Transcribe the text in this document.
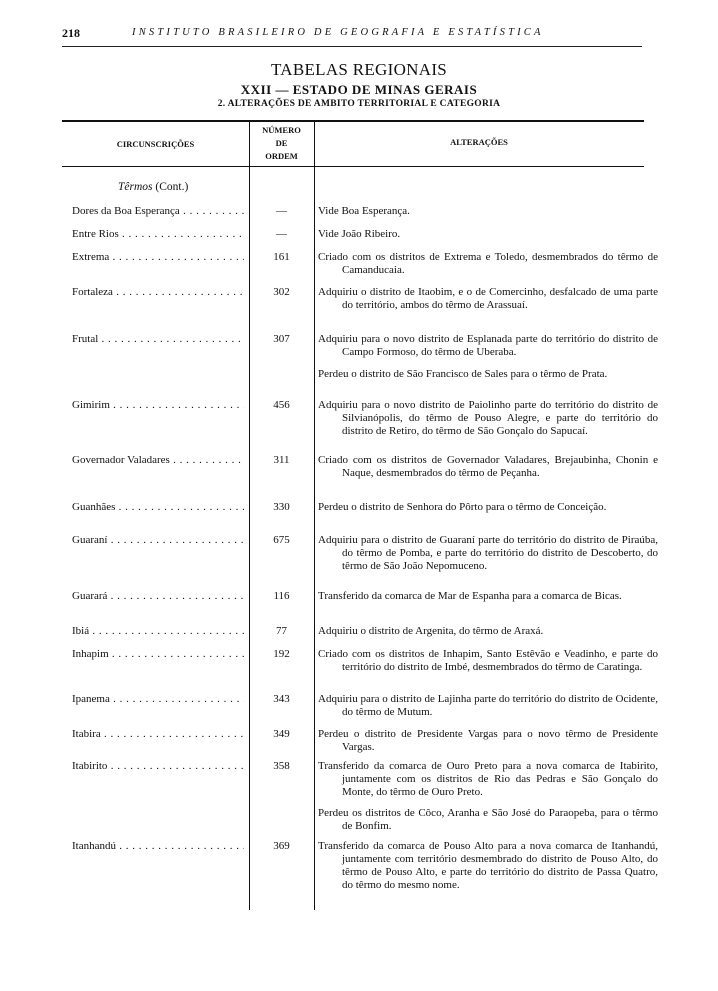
218	INSTITUTO BRASILEIRO DE GEOGRAFIA E ESTATÍSTICA
TABELAS REGIONAIS
XXII — ESTADO DE MINAS GERAIS
2. ALTERAÇÕES DE AMBITO TERRITORIAL E CATEGORIA
CIRCUNSCRIÇÕES
NÚMERO
DE
ORDEM
ALTERAÇÕES
Têrmos (Cont.)
Dores da Boa Esperança . . .	—	Vide Boa Esperança.
Entre Rios . . .	—	Vide João Ribeiro.
Extrema . . .	161	Criado com os distritos de Extrema e Toledo, desmembrados do têrmo de Camanducaia.
Fortaleza . . .	302	Adquiriu o distrito de Itaobim, e o de Comercinho, desfalcado de uma parte do território, ambos do têrmo de Arassuaí.
Frutal . . .	307	Adquiriu para o novo distrito de Esplanada parte do território do distrito de Campo Formoso, do têrmo de Uberaba.
Perdeu o distrito de São Francisco de Sales para o têrmo de Prata.
Gimirim . . .	456	Adquiriu para o novo distrito de Paiolinho parte do território do distrito de Silvianópolis, do têrmo de Pouso Alegre, e parte do território do distrito de Retiro, do têrmo de São Gonçalo do Sapucaí.
Governador Valadares . . .	311	Criado com os distritos de Governador Valadares, Brejaubinha, Chonin e Naque, desmembrados do têrmo de Peçanha.
Guanhães . . .	330	Perdeu o distrito de Senhora do Pôrto para o têrmo de Conceição.
Guaraní . . .	675	Adquiriu para o distrito de Guaraní parte do território do distrito de Piraúba, do têrmo de Pomba, e parte do território do distrito de Descoberto, do têrmo de São João Nepomuceno.
Guarará . . .	116	Transferido da comarca de Mar de Espanha para a comarca de Bicas.
Ibiá . . .	77	Adquiriu o distrito de Argenita, do têrmo de Araxá.
Inhapim . . .	192	Criado com os distritos de Inhapim, Santo Estêvão e Veadinho, e parte do território do distrito de Imbé, desmembrados do têrmo de Caratinga.
Ipanema . . .	343	Adquiriu para o distrito de Lajinha parte do território do distrito de Ocidente, do têrmo de Mutum.
Itabira . . .	349	Perdeu o distrito de Presidente Vargas para o novo têrmo de Presidente Vargas.
Itabirito . . .	358	Transferido da comarca de Ouro Preto para a nova comarca de Itabirito, juntamente com os distritos de Rio das Pedras e São Gonçalo do Monte, do têrmo de Ouro Preto.
Perdeu os distritos de Côco, Aranha e São José do Paraopeba, para o têrmo de Bonfim.
Itanhandú . . .	369	Transferido da comarca de Pouso Alto para a nova comarca de Itanhandú, juntamente com território desmembrado do distrito de Pouso Alto, do têrmo de Pouso Alto, e parte do território do distrito de Passa Quatro, do têrmo do mesmo nome.
